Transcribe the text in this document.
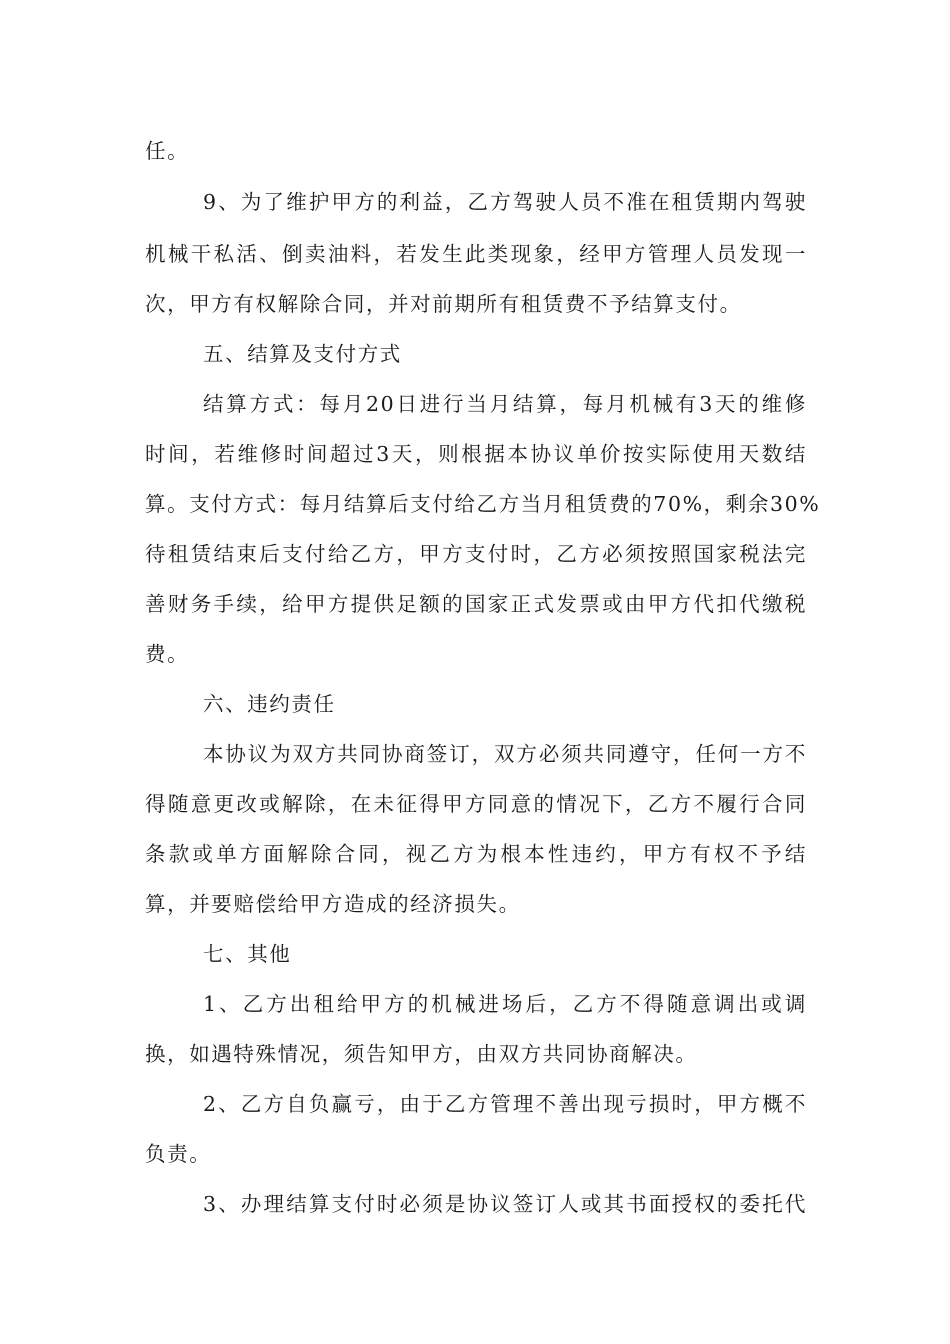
任。
9、为了维护甲方的利益，乙方驾驶人员不准在租赁期内驾驶
机械干私活、倒卖油料，若发生此类现象，经甲方管理人员发现一
次，甲方有权解除合同，并对前期所有租赁费不予结算支付。
五、结算及支付方式
结算方式：每月20日进行当月结算，每月机械有3天的维修
时间，若维修时间超过3天，则根据本协议单价按实际使用天数结
算。支付方式：每月结算后支付给乙方当月租赁费的70%，剩余30%
待租赁结束后支付给乙方，甲方支付时，乙方必须按照国家税法完
善财务手续，给甲方提供足额的国家正式发票或由甲方代扣代缴税
费。
六、违约责任
本协议为双方共同协商签订，双方必须共同遵守，任何一方不
得随意更改或解除，在未征得甲方同意的情况下，乙方不履行合同
条款或单方面解除合同，视乙方为根本性违约，甲方有权不予结
算，并要赔偿给甲方造成的经济损失。
七、其他
1、乙方出租给甲方的机械进场后，乙方不得随意调出或调
换，如遇特殊情况，须告知甲方，由双方共同协商解决。
2、乙方自负赢亏，由于乙方管理不善出现亏损时，甲方概不
负责。
3、办理结算支付时必须是协议签订人或其书面授权的委托代
